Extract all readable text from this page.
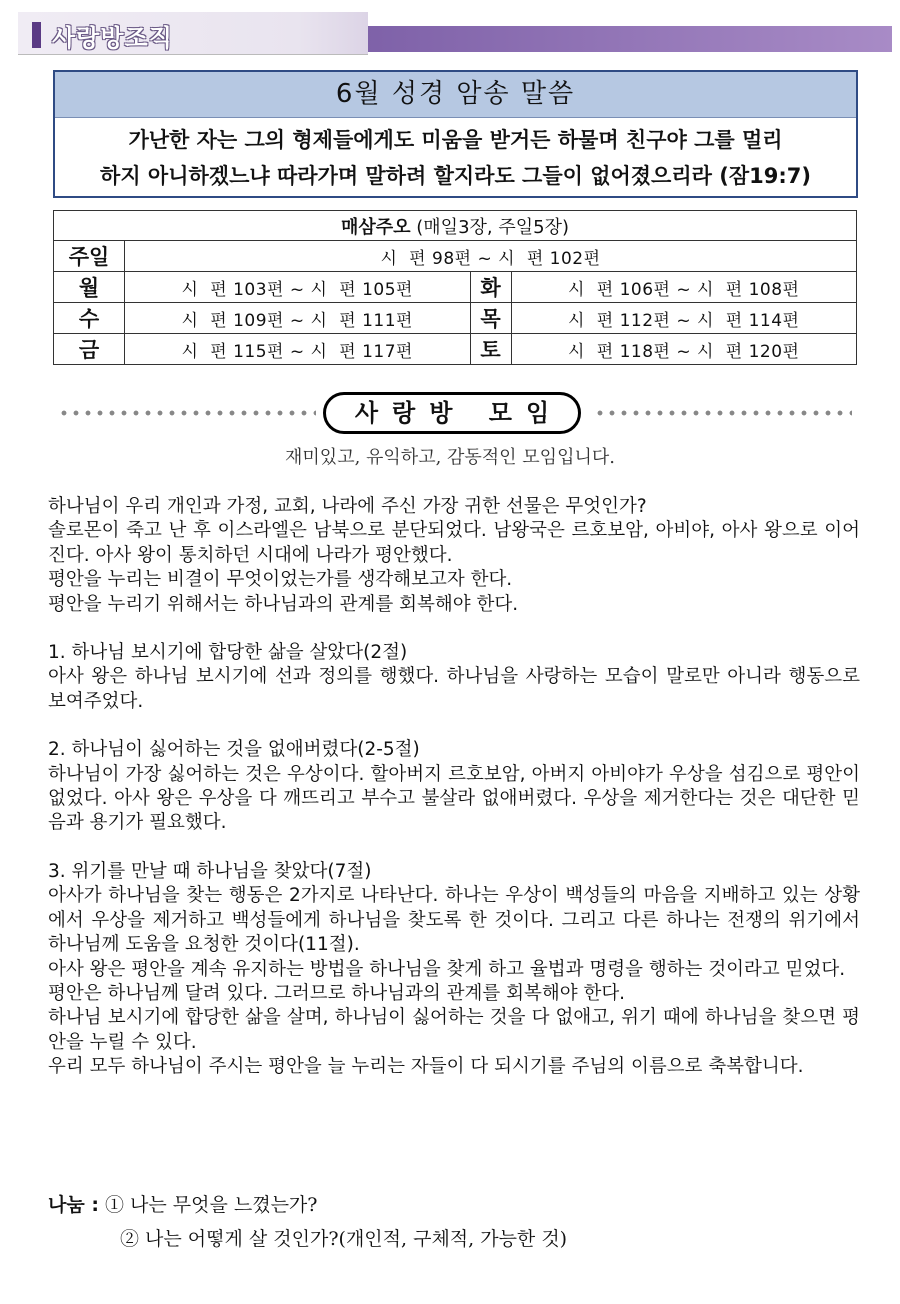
사랑방조직
6월 성경 암송 말씀
가난한 자는 그의 형제들에게도 미움을 받거든 하물며 친구야 그를 멀리
하지 아니하겠느냐 따라가며 말하려 할지라도 그들이 없어졌으리라 (잠19:7)
매삼주오 (매일3장, 주일5장)			
주일	시  편 98편 ~ 시  편 102편		
월	시  편 103편 ~ 시  편 105편	화	시  편 106편 ~ 시  편 108편
수	시  편 109편 ~ 시  편 111편	목	시  편 112편 ~ 시  편 114편
금	시  편 115편 ~ 시  편 117편	토	시  편 118편 ~ 시  편 120편
사랑방 모임
재미있고, 유익하고, 감동적인 모임입니다.

하나님이 우리 개인과 가정, 교회, 나라에 주신 가장 귀한 선물은 무엇인가?

솔로몬이 죽고 난 후 이스라엘은 남북으로 분단되었다. 남왕국은 르호보암, 아비야, 아사 왕으로 이어진다. 아사 왕이 통치하던 시대에 나라가 평안했다.

평안을 누리는 비결이 무엇이었는가를 생각해보고자 한다.

평안을 누리기 위해서는 하나님과의 관계를 회복해야 한다.

1. 하나님 보시기에 합당한 삶을 살았다(2절)

아사 왕은 하나님 보시기에 선과 정의를 행했다. 하나님을 사랑하는 모습이 말로만 아니라 행동으로 보여주었다.

2. 하나님이 싫어하는 것을 없애버렸다(2-5절)

하나님이 가장 싫어하는 것은 우상이다. 할아버지 르호보암, 아버지 아비야가 우상을 섬김으로 평안이 없었다. 아사 왕은 우상을 다 깨뜨리고 부수고 불살라 없애버렸다. 우상을 제거한다는 것은 대단한 믿음과 용기가 필요했다.

3. 위기를 만날 때 하나님을 찾았다(7절)

아사가 하나님을 찾는 행동은 2가지로 나타난다. 하나는 우상이 백성들의 마음을 지배하고 있는 상황에서 우상을 제거하고 백성들에게 하나님을 찾도록 한 것이다. 그리고 다른 하나는 전쟁의 위기에서 하나님께 도움을 요청한 것이다(11절).

아사 왕은 평안을 계속 유지하는 방법을 하나님을 찾게 하고 율법과 명령을 행하는 것이라고 믿었다.

평안은 하나님께 달려 있다. 그러므로 하나님과의 관계를 회복해야 한다.

하나님 보시기에 합당한 삶을 살며, 하나님이 싫어하는 것을 다 없애고, 위기 때에 하나님을 찾으면 평안을 누릴 수 있다.

우리 모두 하나님이 주시는 평안을 늘 누리는 자들이 다 되시기를 주님의 이름으로 축복합니다.

나눔 : ① 나는 무엇을 느꼈는가?
② 나는 어떻게 살 것인가?(개인적, 구체적, 가능한 것)
